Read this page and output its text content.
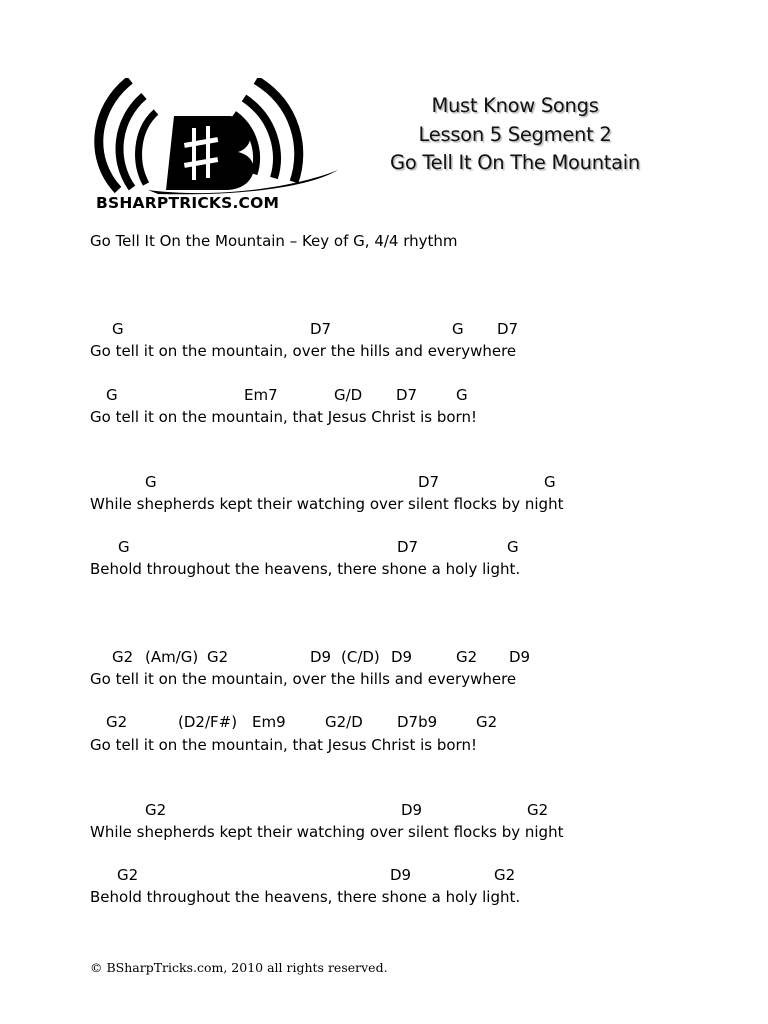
BSHARPTRICKS.COM
Must Know Songs
Lesson 5 Segment 2
Go Tell It On The Mountain
Go Tell It On the Mountain – Key of G, 4/4 rhythm
G	D7	G D7
Go tell it on the mountain, over the hills and everywhere
G	Em7	G/D D7	G
Go tell it on the mountain, that Jesus Christ is born!
G	D7	G
While shepherds kept their watching over silent flocks by night
G	D7	G
Behold throughout the heavens, there shone a holy light.
G2 (Am/G) G2	D9 (C/D) D9	G2 D9
Go tell it on the mountain, over the hills and everywhere
G2	(D2/F#) Em9	G2/D D7b9	G2
Go tell it on the mountain, that Jesus Christ is born!
G2	D9	G2
While shepherds kept their watching over silent flocks by night
G2	D9	G2
Behold throughout the heavens, there shone a holy light.
© BSharpTricks.com, 2010 all rights reserved.
